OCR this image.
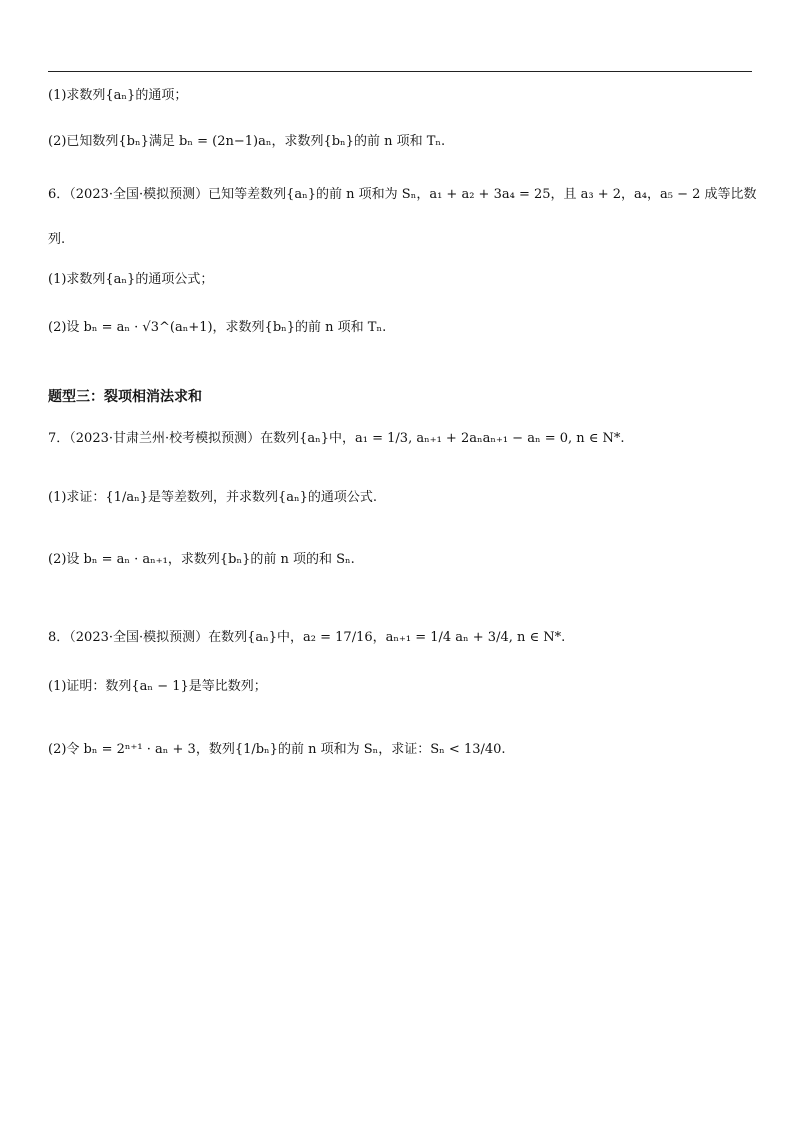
(1)求数列{aₙ}的通项；
(2)已知数列{bₙ}满足 bₙ = (2n−1)aₙ，求数列{bₙ}的前 n 项和 Tₙ.
6．（2023·全国·模拟预测）已知等差数列{aₙ}的前 n 项和为 Sₙ，a₁ + a₂ + 3a₄ = 25，且 a₃ + 2，a₄，a₅ − 2 成等比数
列.
(1)求数列{aₙ}的通项公式；
(2)设 bₙ = aₙ · √3^(aₙ+1)，求数列{bₙ}的前 n 项和 Tₙ.
题型三：裂项相消法求和
7．（2023·甘肃兰州·校考模拟预测）在数列{aₙ}中，a₁ = 1/3, aₙ₊₁ + 2aₙaₙ₊₁ − aₙ = 0, n ∈ N*.
(1)求证：{1/aₙ}是等差数列，并求数列{aₙ}的通项公式.
(2)设 bₙ = aₙ · aₙ₊₁，求数列{bₙ}的前 n 项的和 Sₙ.
8．（2023·全国·模拟预测）在数列{aₙ}中，a₂ = 17/16，aₙ₊₁ = 1/4 aₙ + 3/4, n ∈ N*.
(1)证明：数列{aₙ − 1}是等比数列；
(2)令 bₙ = 2ⁿ⁺¹ · aₙ + 3，数列{1/bₙ}的前 n 项和为 Sₙ，求证：Sₙ < 13/40.
